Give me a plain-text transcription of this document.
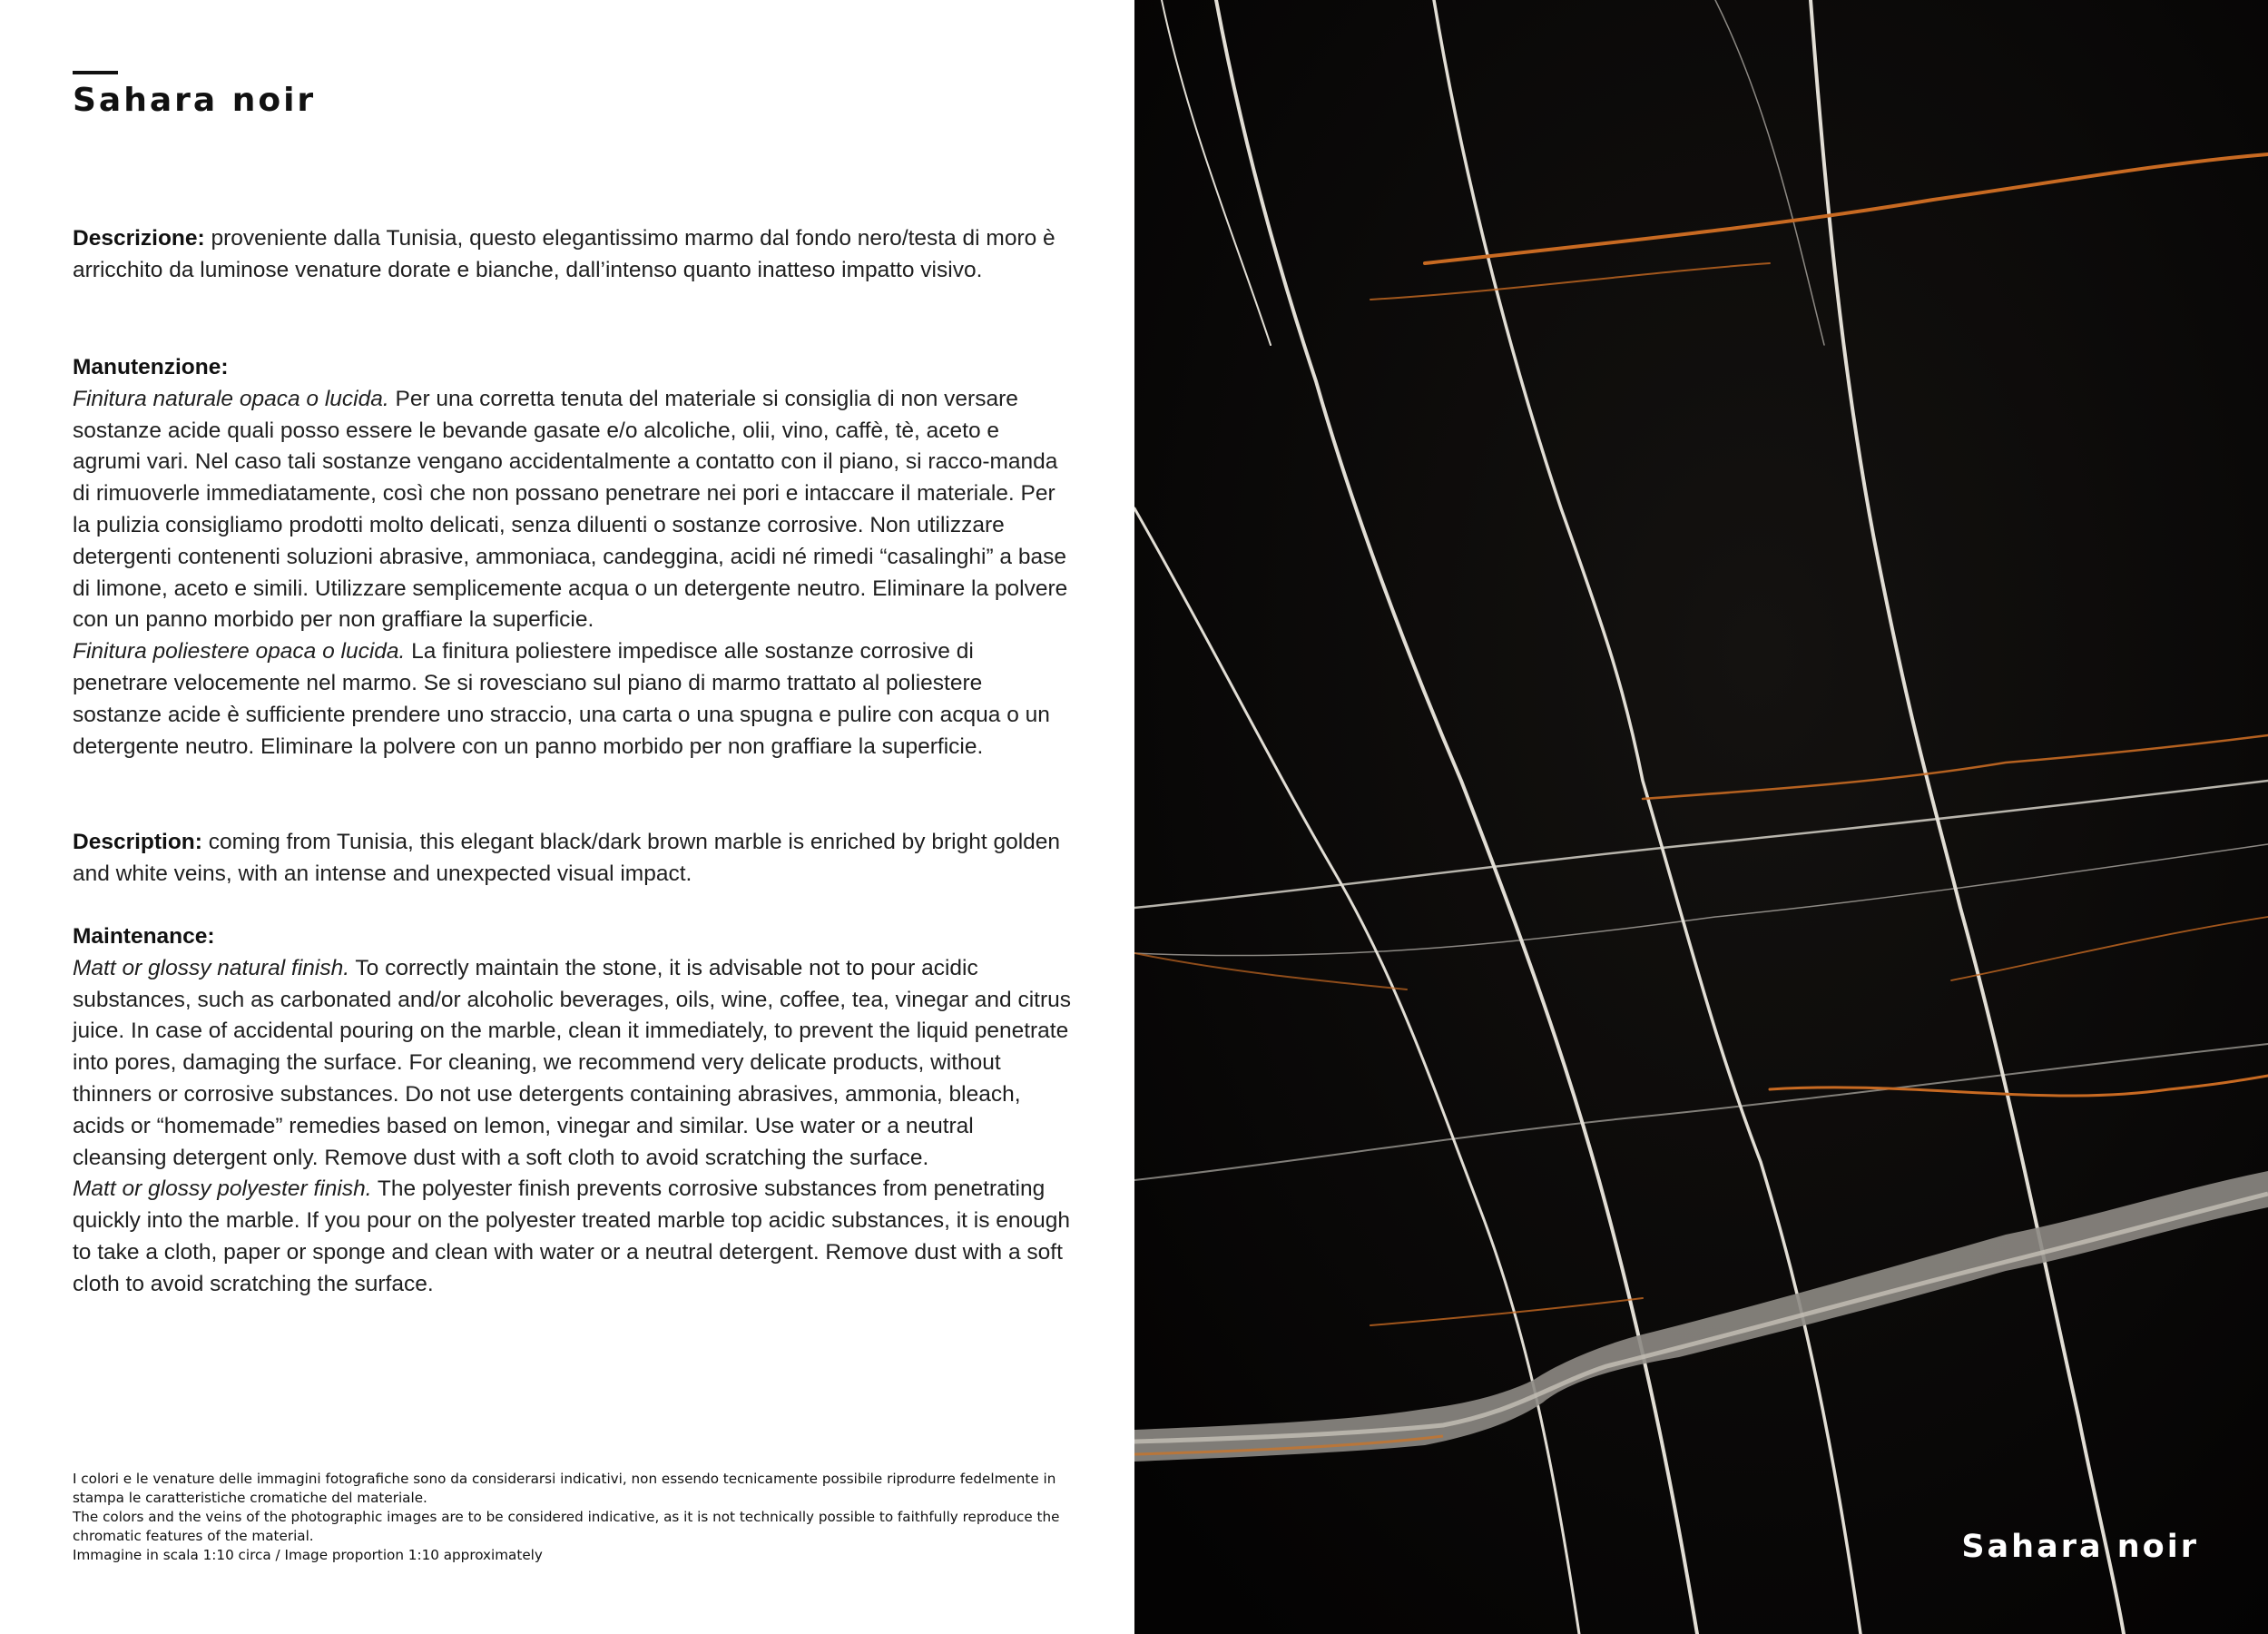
Sahara noir

Descrizione: proveniente dalla Tunisia, questo elegantissimo marmo dal fondo nero/testa di moro è arricchito da luminose venature dorate e bianche, dall’intenso quanto inatteso impatto visivo.

Manutenzione:

Finitura naturale opaca o lucida. Per una corretta tenuta del materiale si consiglia di non versare sostanze acide quali posso essere le bevande gasate e/o alcoliche, olii, vino, caffè, tè, aceto e agrumi vari. Nel caso tali sostanze vengano accidentalmente a contatto con il piano, si racco-manda di rimuoverle immediatamente, così che non possano penetrare nei pori e intaccare il materiale. Per la pulizia consigliamo prodotti molto delicati, senza diluenti o sostanze corrosive. Non utilizzare detergenti contenenti soluzioni abrasive, ammoniaca, candeggina, acidi né rimedi “casalinghi” a base di limone, aceto e simili. Utilizzare semplicemente acqua o un detergente neutro. Eliminare la polvere con un panno morbido per non graffiare la superficie.

Finitura poliestere opaca o lucida. La finitura poliestere impedisce alle sostanze corrosive di penetrare velocemente nel marmo. Se si rovesciano sul piano di marmo trattato al poliestere sostanze acide è sufficiente prendere uno straccio, una carta o una spugna e pulire con acqua o un detergente neutro. Eliminare la polvere con un panno morbido per non graffiare la superficie.

Description: coming from Tunisia, this elegant black/dark brown marble is enriched by bright golden and white veins, with an intense and unexpected visual impact.

Maintenance:

Matt or glossy natural finish. To correctly maintain the stone, it is advisable not to pour acidic substances, such as carbonated and/or alcoholic beverages, oils, wine, coffee, tea, vinegar and citrus juice. In case of accidental pouring on the marble, clean it immediately, to prevent the liquid penetrate into pores, damaging the surface. For cleaning, we recommend very delicate products, without thinners or corrosive substances. Do not use detergents containing abrasives, ammonia, bleach, acids or “homemade” remedies based on lemon, vinegar and similar. Use water or a neutral cleansing detergent only. Remove dust with a soft cloth to avoid scratching the surface.

Matt or glossy polyester finish. The polyester finish prevents corrosive substances from penetrating quickly into the marble. If you pour on the polyester treated marble top acidic substances, it is enough to take a cloth, paper or sponge and clean with water or a neutral detergent. Remove dust with a soft cloth to avoid scratching the surface.

I colori e le venature delle immagini fotografiche sono da considerarsi indicativi, non essendo tecnicamente possibile riprodurre fedelmente in stampa le caratteristiche cromatiche del materiale.

The colors and the veins of the photographic images are to be considered indicative, as it is not technically possible to faithfully reproduce the chromatic features of the material.

Immagine in scala 1:10 circa / Image proportion 1:10 approximately	Sahara noir
